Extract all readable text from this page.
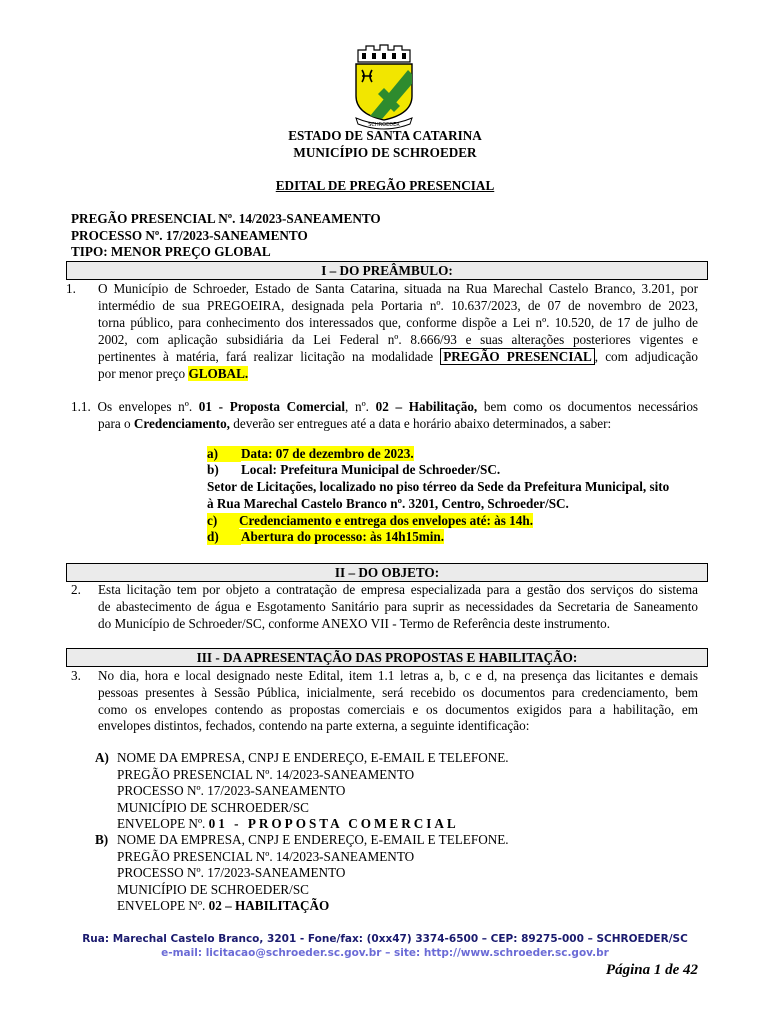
SCHROEDER
ESTADO DE SANTA CATARINA
MUNICÍPIO DE SCHROEDER
EDITAL DE PREGÃO PRESENCIAL
PREGÃO PRESENCIAL Nº. 14/2023-SANEAMENTO
PROCESSO Nº. 17/2023-SANEAMENTO
TIPO: MENOR PREÇO GLOBAL
I – DO PREÂMBULO:
1. O Município de Schroeder, Estado de Santa Catarina, situada na Rua Marechal Castelo Branco, 3.201, por
intermédio de sua PREGOEIRA, designada pela Portaria nº. 10.637/2023, de 07 de novembro de 2023,
torna público, para conhecimento dos interessados que, conforme dispõe a Lei nº. 10.520, de 17 de julho de
2002, com aplicação subsidiária da Lei Federal nº. 8.666/93 e suas alterações posteriores vigentes e
pertinentes à matéria, fará realizar licitação na modalidade PREGÃO PRESENCIAL , com adjudicação
por menor preço GLOBAL.
1.1. Os envelopes nº. 01 - Proposta Comercial, nº. 02 – Habilitação, bem como os documentos necessários
para o Credenciamento, deverão ser entregues até a data e horário abaixo determinados, a saber:
a) Data: 07 de dezembro de 2023.
b) Local: Prefeitura Municipal de Schroeder/SC.
Setor de Licitações, localizado no piso térreo da Sede da Prefeitura Municipal, sito
à Rua Marechal Castelo Branco nº. 3201, Centro, Schroeder/SC.
c) Credenciamento e entrega dos envelopes até: às 14h.
d) Abertura do processo: às 14h15min.
II – DO OBJETO:
2. Esta licitação tem por objeto a contratação de empresa especializada para a gestão dos serviços do sistema
de abastecimento de água e Esgotamento Sanitário para suprir as necessidades da Secretaria de Saneamento
do Município de Schroeder/SC, conforme ANEXO VII - Termo de Referência deste instrumento.
III - DA APRESENTAÇÃO DAS PROPOSTAS E HABILITAÇÃO:
3. No dia, hora e local designado neste Edital, item 1.1 letras a, b, c e d, na presença das licitantes e demais
pessoas presentes à Sessão Pública, inicialmente, será recebido os documentos para credenciamento, bem
como os envelopes contendo as propostas comerciais e os documentos exigidos para a habilitação, em
envelopes distintos, fechados, contendo na parte externa, a seguinte identificação:
A) NOME DA EMPRESA, CNPJ E ENDEREÇO, E-EMAIL E TELEFONE.
PREGÃO PRESENCIAL Nº. 14/2023-SANEAMENTO
PROCESSO Nº. 17/2023-SANEAMENTO
MUNICÍPIO DE SCHROEDER/SC
ENVELOPE Nº. 01 - PROPOSTA COMERCIAL
B) NOME DA EMPRESA, CNPJ E ENDEREÇO, E-EMAIL E TELEFONE.
PREGÃO PRESENCIAL Nº. 14/2023-SANEAMENTO
PROCESSO Nº. 17/2023-SANEAMENTO
MUNICÍPIO DE SCHROEDER/SC
ENVELOPE Nº. 02 – HABILITAÇÃO
Rua: Marechal Castelo Branco, 3201 - Fone/fax: (0xx47) 3374-6500 – CEP: 89275-000 – SCHROEDER/SC
e-mail: licitacao@schroeder.sc.gov.br – site: http://www.schroeder.sc.gov.br
Página 1 de 42
